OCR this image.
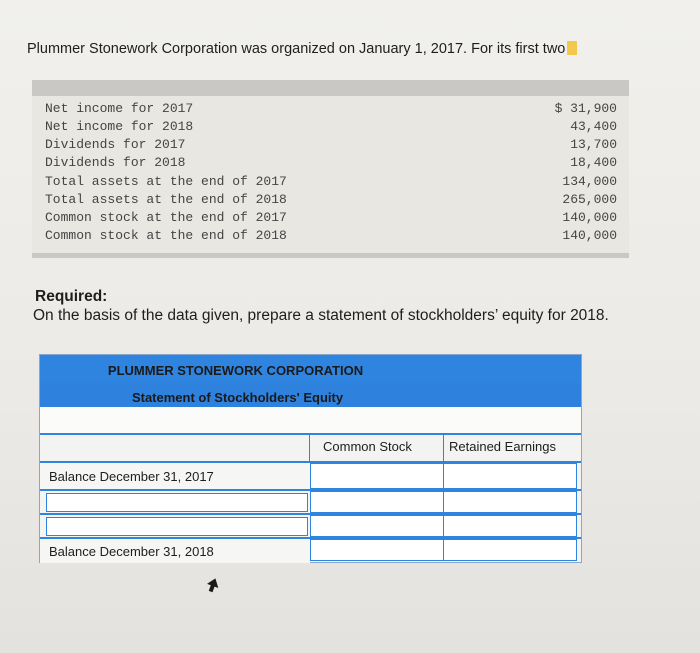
Plummer Stonework Corporation was organized on January 1, 2017. For its first two
Net income for 2017	$ 31,900
Net income for 2018	43,400
Dividends for 2017	13,700
Dividends for 2018	18,400
Total assets at the end of 2017	134,000
Total assets at the end of 2018	265,000
Common stock at the end of 2017	140,000
Common stock at the end of 2018	140,000
Required:
On the basis of the data given, prepare a statement of stockholders’ equity for 2018.
PLUMMER STONEWORK CORPORATION
Statement of Stockholders' Equity
Common Stock	Retained Earnings
Balance December 31, 2017
Balance December 31, 2018
